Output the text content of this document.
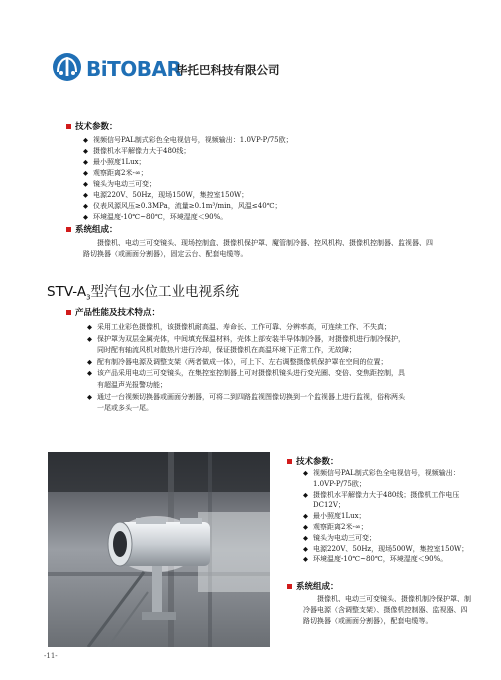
BiTOBAR
毕托巴科技有限公司
技术参数：
◆ 视频信号PAL制式彩色全电视信号，视频输出：1.0VP-P/75欧；
◆ 摄像机水平解像力大于480线；
◆ 最小照度1Lux；
◆ 观察距离2米-∞；
◆ 镜头为电动三可变；
◆ 电源220V、50Hz，现场150W，集控室150W；
◆ 仪表风源风压≥0.3MPa，流量≥0.1m³/min，风温≤40℃；
◆ 环境温度-10℃~80℃，环境湿度＜90%。
系统组成：
摄像机、电动三可变镜头、现场控制盒、摄像机保护罩、魔管制冷器、控风机构、摄像机控制器、监视器、四路切换器（或画面分割器），固定云台、配套电缆等。
STV-$A_3$型汽包水位工业电视系统
产品性能及技术特点：
◆ 采用工业彩色摄像机，该摄像机耐高温、寿命长、工作可靠、分辨率高，可连续工作、不失真；
◆ 保护罩为双层金属壳体，中间填充保温材料，壳体上部安装半导体制冷器，对摄像机进行制冷保护，同时配有轴流风机对散热片进行冷却，保证摄像机在高温环境下正常工作，无故障；
◆ 配有制冷器电源及调整支架（两者做成一体），可上下、左右调整摄像机保护罩在空间的位置；
◆ 该产品采用电动三可变镜头，在集控室控制器上可对摄像机镜头进行变光圈、变倍、变焦距控制，具有超温声光报警功能；
◆ 通过一台视频切换器或画面分割器，可将二到四路监视图像切换到一个监视器上进行监视，俗称两头一尾或多头一尾。
技术参数：
◆ 视频信号PAL制式彩色全电视信号，视频输出：1.0VP-P/75欧；
◆ 摄像机水平解像力大于480线；摄像机工作电压DC12V；
◆ 最小照度1Lux；
◆ 观察距离2米-∞；
◆ 镜头为电动三可变；
◆ 电源220V、50Hz，现场500W，集控室150W；
◆ 环境温度-10℃~80℃，环境湿度＜90%。
系统组成：
摄像机、电动三可变镜头、摄像机制冷保护罩、制冷器电源（含调整支架）、摄像机控制器、监视器、四路切换器（或画面分割器），配套电缆等。
-11-
